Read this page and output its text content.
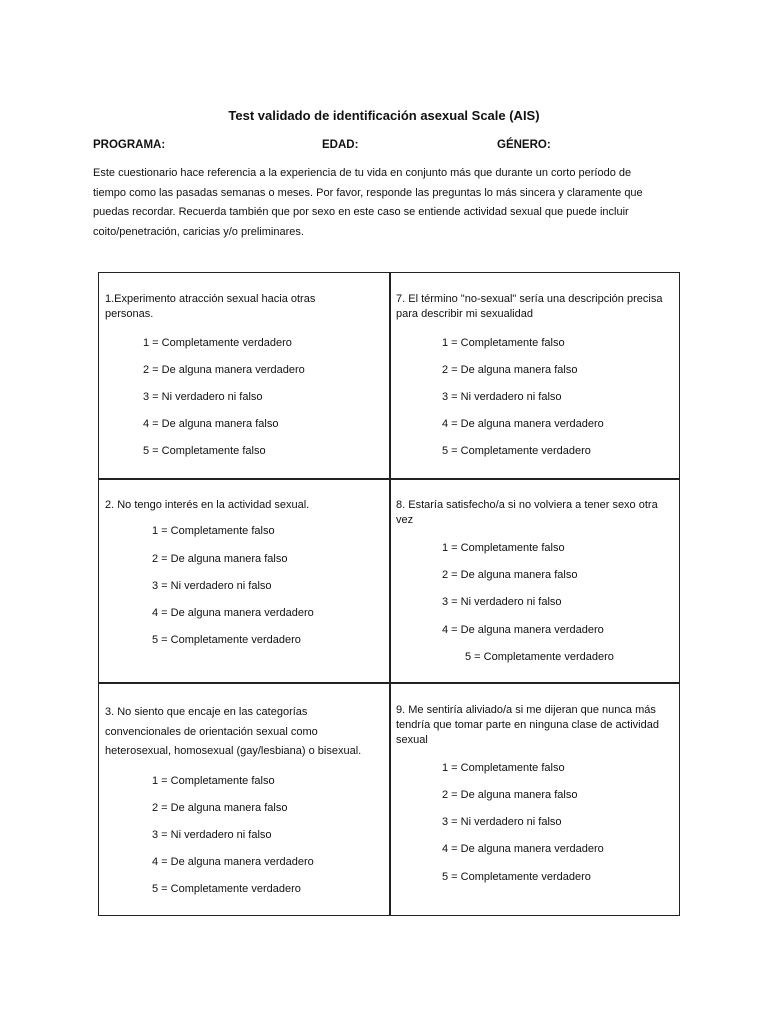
Test validado de identificación asexual Scale (AIS)
PROGRAMA:	EDAD:	GÉNERO:
Este cuestionario hace referencia a la experiencia de tu vida en conjunto más que durante un corto período de
tiempo como las pasadas semanas o meses. Por favor, responde las preguntas lo más sincera y claramente que
puedas recordar. Recuerda también que por sexo en este caso se entiende actividad sexual que puede incluir
coito/penetración, caricias y/o preliminares.

1.Experimento atracción sexual hacia otras personas.

1 = Completamente verdadero
2 = De alguna manera verdadero
3 = Ni verdadero ni falso
4 = De alguna manera falso
5 = Completamente falso

7. El término "no-sexual" sería una descripción precisa para describir mi sexualidad

1 = Completamente falso
2 = De alguna manera falso
3 = Ni verdadero ni falso
4 = De alguna manera verdadero
5 = Completamente verdadero

2. No tengo interés en la actividad sexual.

1 = Completamente falso
2 = De alguna manera falso
3 = Ni verdadero ni falso
4 = De alguna manera verdadero
5 = Completamente verdadero

8. Estaría satisfecho/a si no volviera a tener sexo otra vez

1 = Completamente falso
2 = De alguna manera falso
3 = Ni verdadero ni falso
4 = De alguna manera verdadero
5 = Completamente verdadero

3. No siento que encaje en las categorías convencionales de orientación sexual como heterosexual, homosexual (gay/lesbiana) o bisexual.

1 = Completamente falso
2 = De alguna manera falso
3 = Ni verdadero ni falso
4 = De alguna manera verdadero
5 = Completamente verdadero

9. Me sentiría aliviado/a si me dijeran que nunca más tendría que tomar parte en ninguna clase de actividad sexual

1 = Completamente falso
2 = De alguna manera falso
3 = Ni verdadero ni falso
4 = De alguna manera verdadero
5 = Completamente verdadero
